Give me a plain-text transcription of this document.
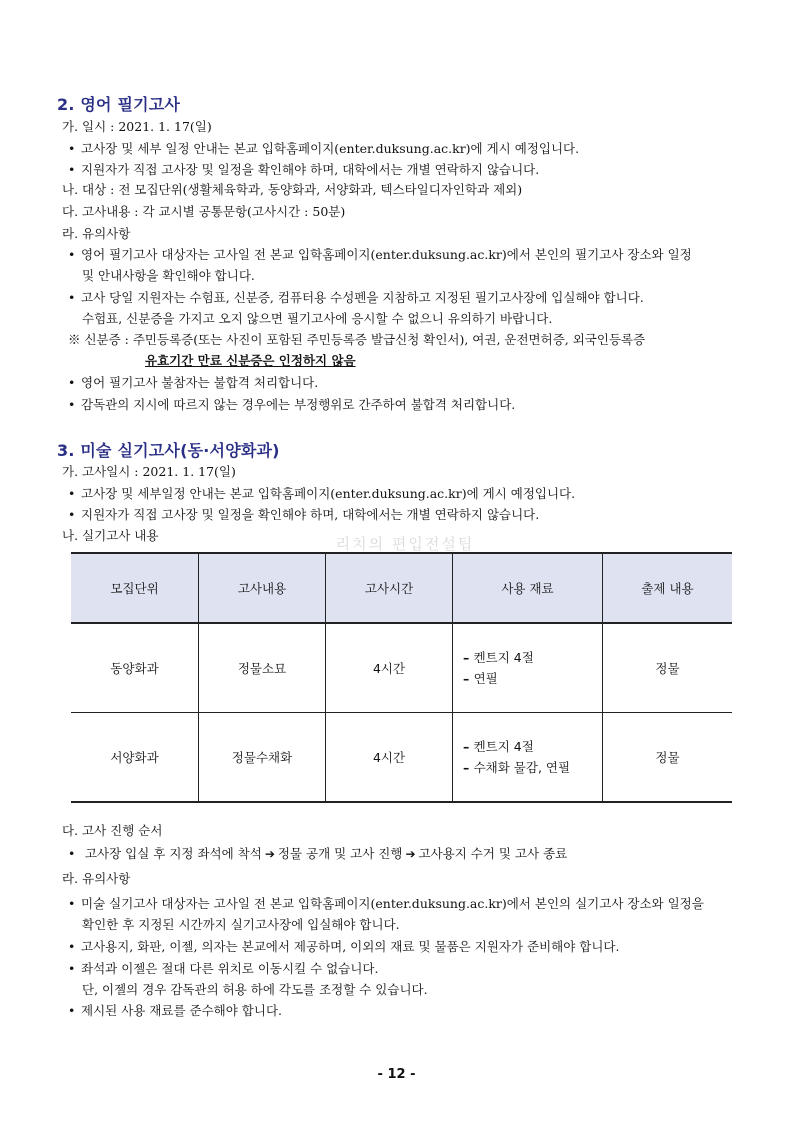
2. 영어 필기고사
가. 일시 : 2021. 1. 17(일)
• 고사장 및 세부 일정 안내는 본교 입학홈페이지(enter.duksung.ac.kr)에 게시 예정입니다.
• 지원자가 직접 고사장 및 일정을 확인해야 하며, 대학에서는 개별 연락하지 않습니다.
나. 대상 : 전 모집단위(생활체육학과, 동양화과, 서양화과, 텍스타일디자인학과 제외)
다. 고사내용 : 각 교시별 공통문항(고사시간 : 50분)
라. 유의사항
• 영어 필기고사 대상자는 고사일 전 본교 입학홈페이지(enter.duksung.ac.kr)에서 본인의 필기고사 장소와 일정
및 안내사항을 확인해야 합니다.
• 고사 당일 지원자는 수험표, 신분증, 컴퓨터용 수성펜을 지참하고 지정된 필기고사장에 입실해야 합니다.
수험표, 신분증을 가지고 오지 않으면 필기고사에 응시할 수 없으니 유의하기 바랍니다.
※ 신분증 : 주민등록증(또는 사진이 포함된 주민등록증 발급신청 확인서), 여권, 운전면허증, 외국인등록증
유효기간 만료 신분증은 인정하지 않음
• 영어 필기고사 불참자는 불합격 처리합니다.
• 감독관의 지시에 따르지 않는 경우에는 부정행위로 간주하여 불합격 처리합니다.
3. 미술 실기고사(동·서양화과)
가. 고사일시 : 2021. 1. 17(일)
• 고사장 및 세부일정 안내는 본교 입학홈페이지(enter.duksung.ac.kr)에 게시 예정입니다.
• 지원자가 직접 고사장 및 일정을 확인해야 하며, 대학에서는 개별 연락하지 않습니다.
나. 실기고사 내용	리치의 편입전설팁
모집단위	고사내용	고사시간	사용 재료	출제 내용
동양화과	정물소묘	4시간	– 켄트지 4절
– 연필	정물
서양화과	정물수채화	4시간	– 켄트지 4절
– 수채화 물감, 연필	정물
다. 고사 진행 순서
• 고사장 입실 후 지정 좌석에 착석 ➔ 정물 공개 및 고사 진행 ➔ 고사용지 수거 및 고사 종료
라. 유의사항
• 미술 실기고사 대상자는 고사일 전 본교 입학홈페이지(enter.duksung.ac.kr)에서 본인의 실기고사 장소와 일정을
확인한 후 지정된 시간까지 실기고사장에 입실해야 합니다.
• 고사용지, 화판, 이젤, 의자는 본교에서 제공하며, 이외의 재료 및 물품은 지원자가 준비해야 합니다.
• 좌석과 이젤은 절대 다른 위치로 이동시킬 수 없습니다.
단, 이젤의 경우 감독관의 허용 하에 각도를 조정할 수 있습니다.
• 제시된 사용 재료를 준수해야 합니다.
- 12 -
